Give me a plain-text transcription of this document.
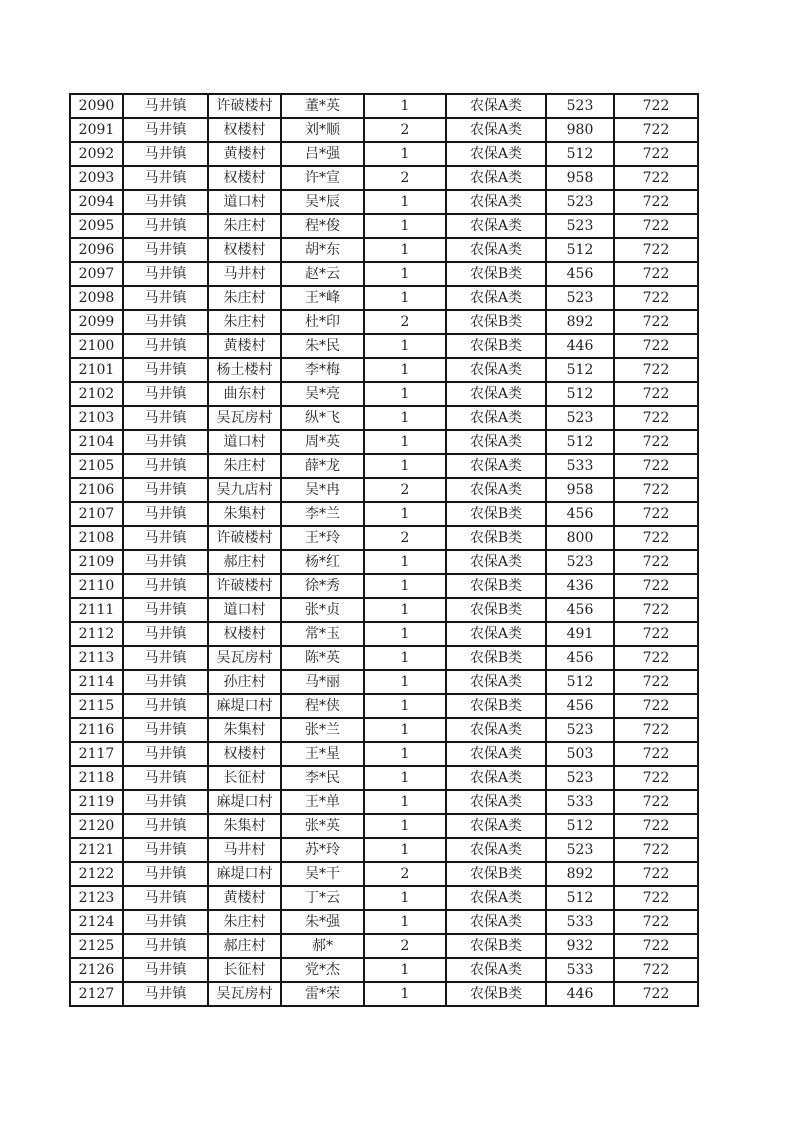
2090	马井镇	许破楼村	董*英	1	农保A类	523	722
2091	马井镇	权楼村	刘*顺	2	农保A类	980	722
2092	马井镇	黄楼村	吕*强	1	农保A类	512	722
2093	马井镇	权楼村	许*宣	2	农保A类	958	722
2094	马井镇	道口村	吴*辰	1	农保A类	523	722
2095	马井镇	朱庄村	程*俊	1	农保A类	523	722
2096	马井镇	权楼村	胡*东	1	农保A类	512	722
2097	马井镇	马井村	赵*云	1	农保B类	456	722
2098	马井镇	朱庄村	王*峰	1	农保A类	523	722
2099	马井镇	朱庄村	杜*印	2	农保B类	892	722
2100	马井镇	黄楼村	朱*民	1	农保B类	446	722
2101	马井镇	杨土楼村	李*梅	1	农保A类	512	722
2102	马井镇	曲东村	吴*亮	1	农保A类	512	722
2103	马井镇	吴瓦房村	纵*飞	1	农保A类	523	722
2104	马井镇	道口村	周*英	1	农保A类	512	722
2105	马井镇	朱庄村	薛*龙	1	农保A类	533	722
2106	马井镇	吴九店村	吴*冉	2	农保A类	958	722
2107	马井镇	朱集村	李*兰	1	农保B类	456	722
2108	马井镇	许破楼村	王*玲	2	农保B类	800	722
2109	马井镇	郝庄村	杨*红	1	农保A类	523	722
2110	马井镇	许破楼村	徐*秀	1	农保B类	436	722
2111	马井镇	道口村	张*贞	1	农保B类	456	722
2112	马井镇	权楼村	常*玉	1	农保A类	491	722
2113	马井镇	吴瓦房村	陈*英	1	农保B类	456	722
2114	马井镇	孙庄村	马*丽	1	农保A类	512	722
2115	马井镇	麻堤口村	程*侠	1	农保B类	456	722
2116	马井镇	朱集村	张*兰	1	农保A类	523	722
2117	马井镇	权楼村	王*星	1	农保A类	503	722
2118	马井镇	长征村	李*民	1	农保A类	523	722
2119	马井镇	麻堤口村	王*单	1	农保A类	533	722
2120	马井镇	朱集村	张*英	1	农保A类	512	722
2121	马井镇	马井村	苏*玲	1	农保A类	523	722
2122	马井镇	麻堤口村	吴*干	2	农保B类	892	722
2123	马井镇	黄楼村	丁*云	1	农保A类	512	722
2124	马井镇	朱庄村	朱*强	1	农保A类	533	722
2125	马井镇	郝庄村	郝*	2	农保B类	932	722
2126	马井镇	长征村	党*杰	1	农保A类	533	722
2127	马井镇	吴瓦房村	雷*荣	1	农保B类	446	722
